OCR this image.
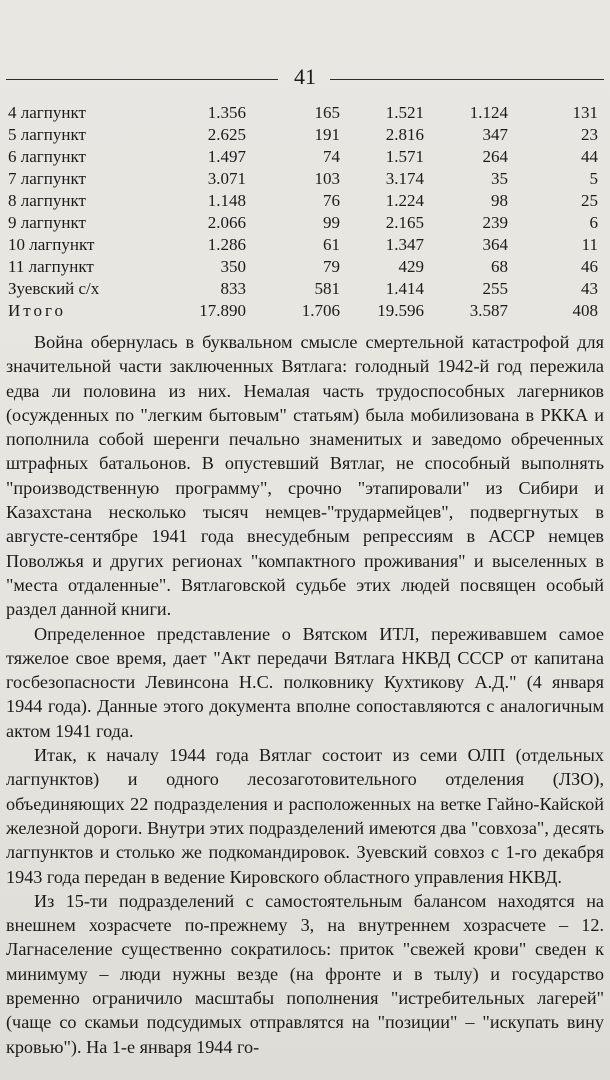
41
4 лагпункт	1.356	165	1.521	1.124	131
5 лагпункт	2.625	191	2.816	347	23
6 лагпункт	1.497	74	1.571	264	44
7 лагпункт	3.071	103	3.174	35	5
8 лагпункт	1.148	76	1.224	98	25
9 лагпункт	2.066	99	2.165	239	6
10 лагпункт	1.286	61	1.347	364	11
11 лагпункт	350	79	429	68	46
Зуевский с/х	833	581	1.414	255	43
Итого	17.890	1.706	19.596	3.587	408

Война обернулась в буквальном смысле смертельной катастрофой для значительной части заключенных Вятлага: голодный 1942-й год пережила едва ли половина из них. Немалая часть трудоспособных лагерников (осужденных по "легким бытовым" статьям) была мобилизована в РККА и пополнила собой шеренги печально знаменитых и заведомо обреченных штрафных батальонов. В опустевший Вятлаг, не способный выполнять "производственную программу", срочно "этапировали" из Сибири и Казахстана несколько тысяч немцев-"трудармейцев", подвергнутых в августе-сентябре 1941 года внесудебным репрессиям в АССР немцев Поволжья и других регионах "компактного проживания" и выселенных в "места отдаленные". Вятлаговской судьбе этих людей посвящен особый раздел данной книги.

Определенное представление о Вятском ИТЛ, переживавшем самое тяжелое свое время, дает "Акт передачи Вятлага НКВД СССР от капитана госбезопасности Левинсона Н.С. полковнику Кухтикову А.Д." (4 января 1944 года). Данные этого документа вполне сопоставляются с аналогичным актом 1941 года.

Итак, к началу 1944 года Вятлаг состоит из семи ОЛП (отдельных лагпунктов) и одного лесозаготовительного отделения (ЛЗО), объединяющих 22 подразделения и расположенных на ветке Гайно-Кайской железной дороги. Внутри этих подразделений имеются два "совхоза", десять лагпунктов и столько же подкомандировок. Зуевский совхоз с 1-го декабря 1943 года передан в ведение Кировского областного управления НКВД.

Из 15-ти подразделений с самостоятельным балансом находятся на внешнем хозрасчете по-прежнему 3, на внутреннем хозрасчете – 12. Лагнаселение существенно сократилось: приток "свежей крови" сведен к минимуму – люди нужны везде (на фронте и в тылу) и государство временно ограничило масштабы пополнения "истребительных лагерей" (чаще со скамьи подсудимых отправлятся на "позиции" – "искупать вину кровью"). На 1-е января 1944 го-
